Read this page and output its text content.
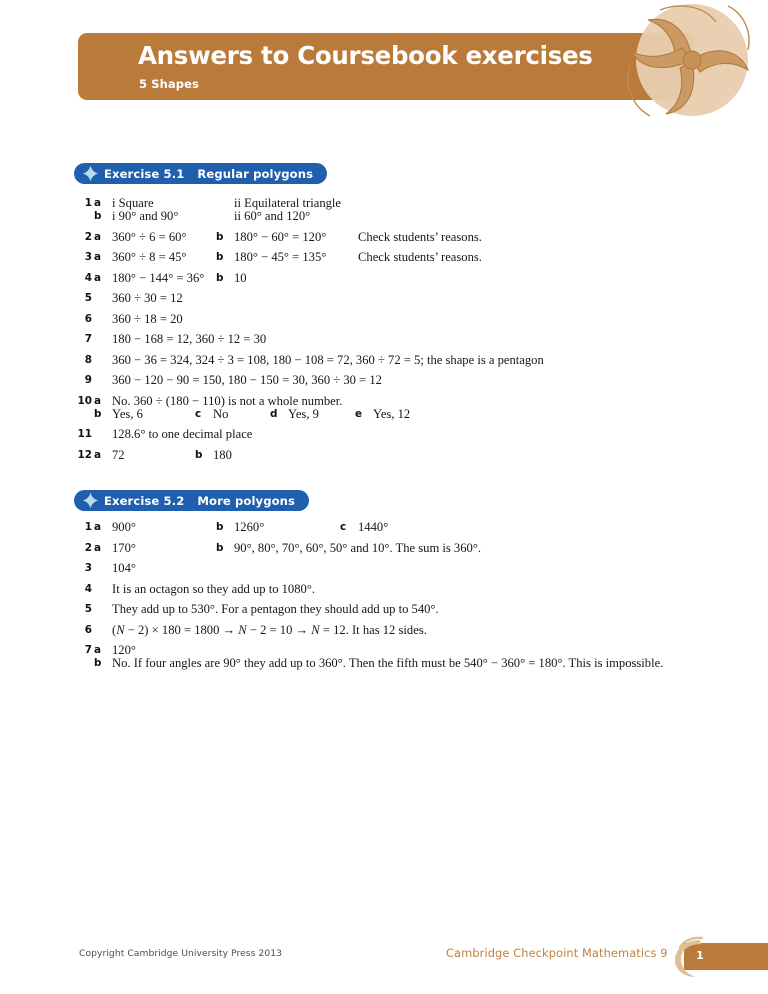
Answers to Coursebook exercises
5 Shapes
Exercise 5.1 Regular polygons
1 a i Square	ii Equilateral triangle
b i 90° and 90°	ii 60° and 120°
2 a 360° ÷ 6 = 60°	b 180° − 60° = 120°	Check students’ reasons.
3 a 360° ÷ 8 = 45°	b 180° − 45° = 135°	Check students’ reasons.
4 a 180° − 144° = 36° b 10
5 360 ÷ 30 = 12
6 360 ÷ 18 = 20
7 180 − 168 = 12, 360 ÷ 12 = 30
8 360 − 36 = 324, 324 ÷ 3 = 108, 180 − 108 = 72, 360 ÷ 72 = 5; the shape is a pentagon
9 360 − 120 − 90 = 150, 180 − 150 = 30, 360 ÷ 30 = 12
10 a No. 360 ÷ (180 − 110) is not a whole number.
b Yes, 6	c No	d Yes, 9	e Yes, 12
11 128.6° to one decimal place
12 a 72	b 180
Exercise 5.2 More polygons
1 a 900°	b 1260°	c 1440°
2 a 170°	b 90°, 80°, 70°, 60°, 50° and 10°. The sum is 360°.
3 104°
4 It is an octagon so they add up to 1080°.
5 They add up to 530°. For a pentagon they should add up to 540°.
6 (N − 2) × 180 = 1800 → N − 2 = 10 → N = 12. It has 12 sides.
7 a 120°
b No. If four angles are 90° they add up to 360°. Then the fifth must be 540° − 360° = 180°. This is impossible.
Copyright Cambridge University Press 2013	Cambridge Checkpoint Mathematics 9	1
